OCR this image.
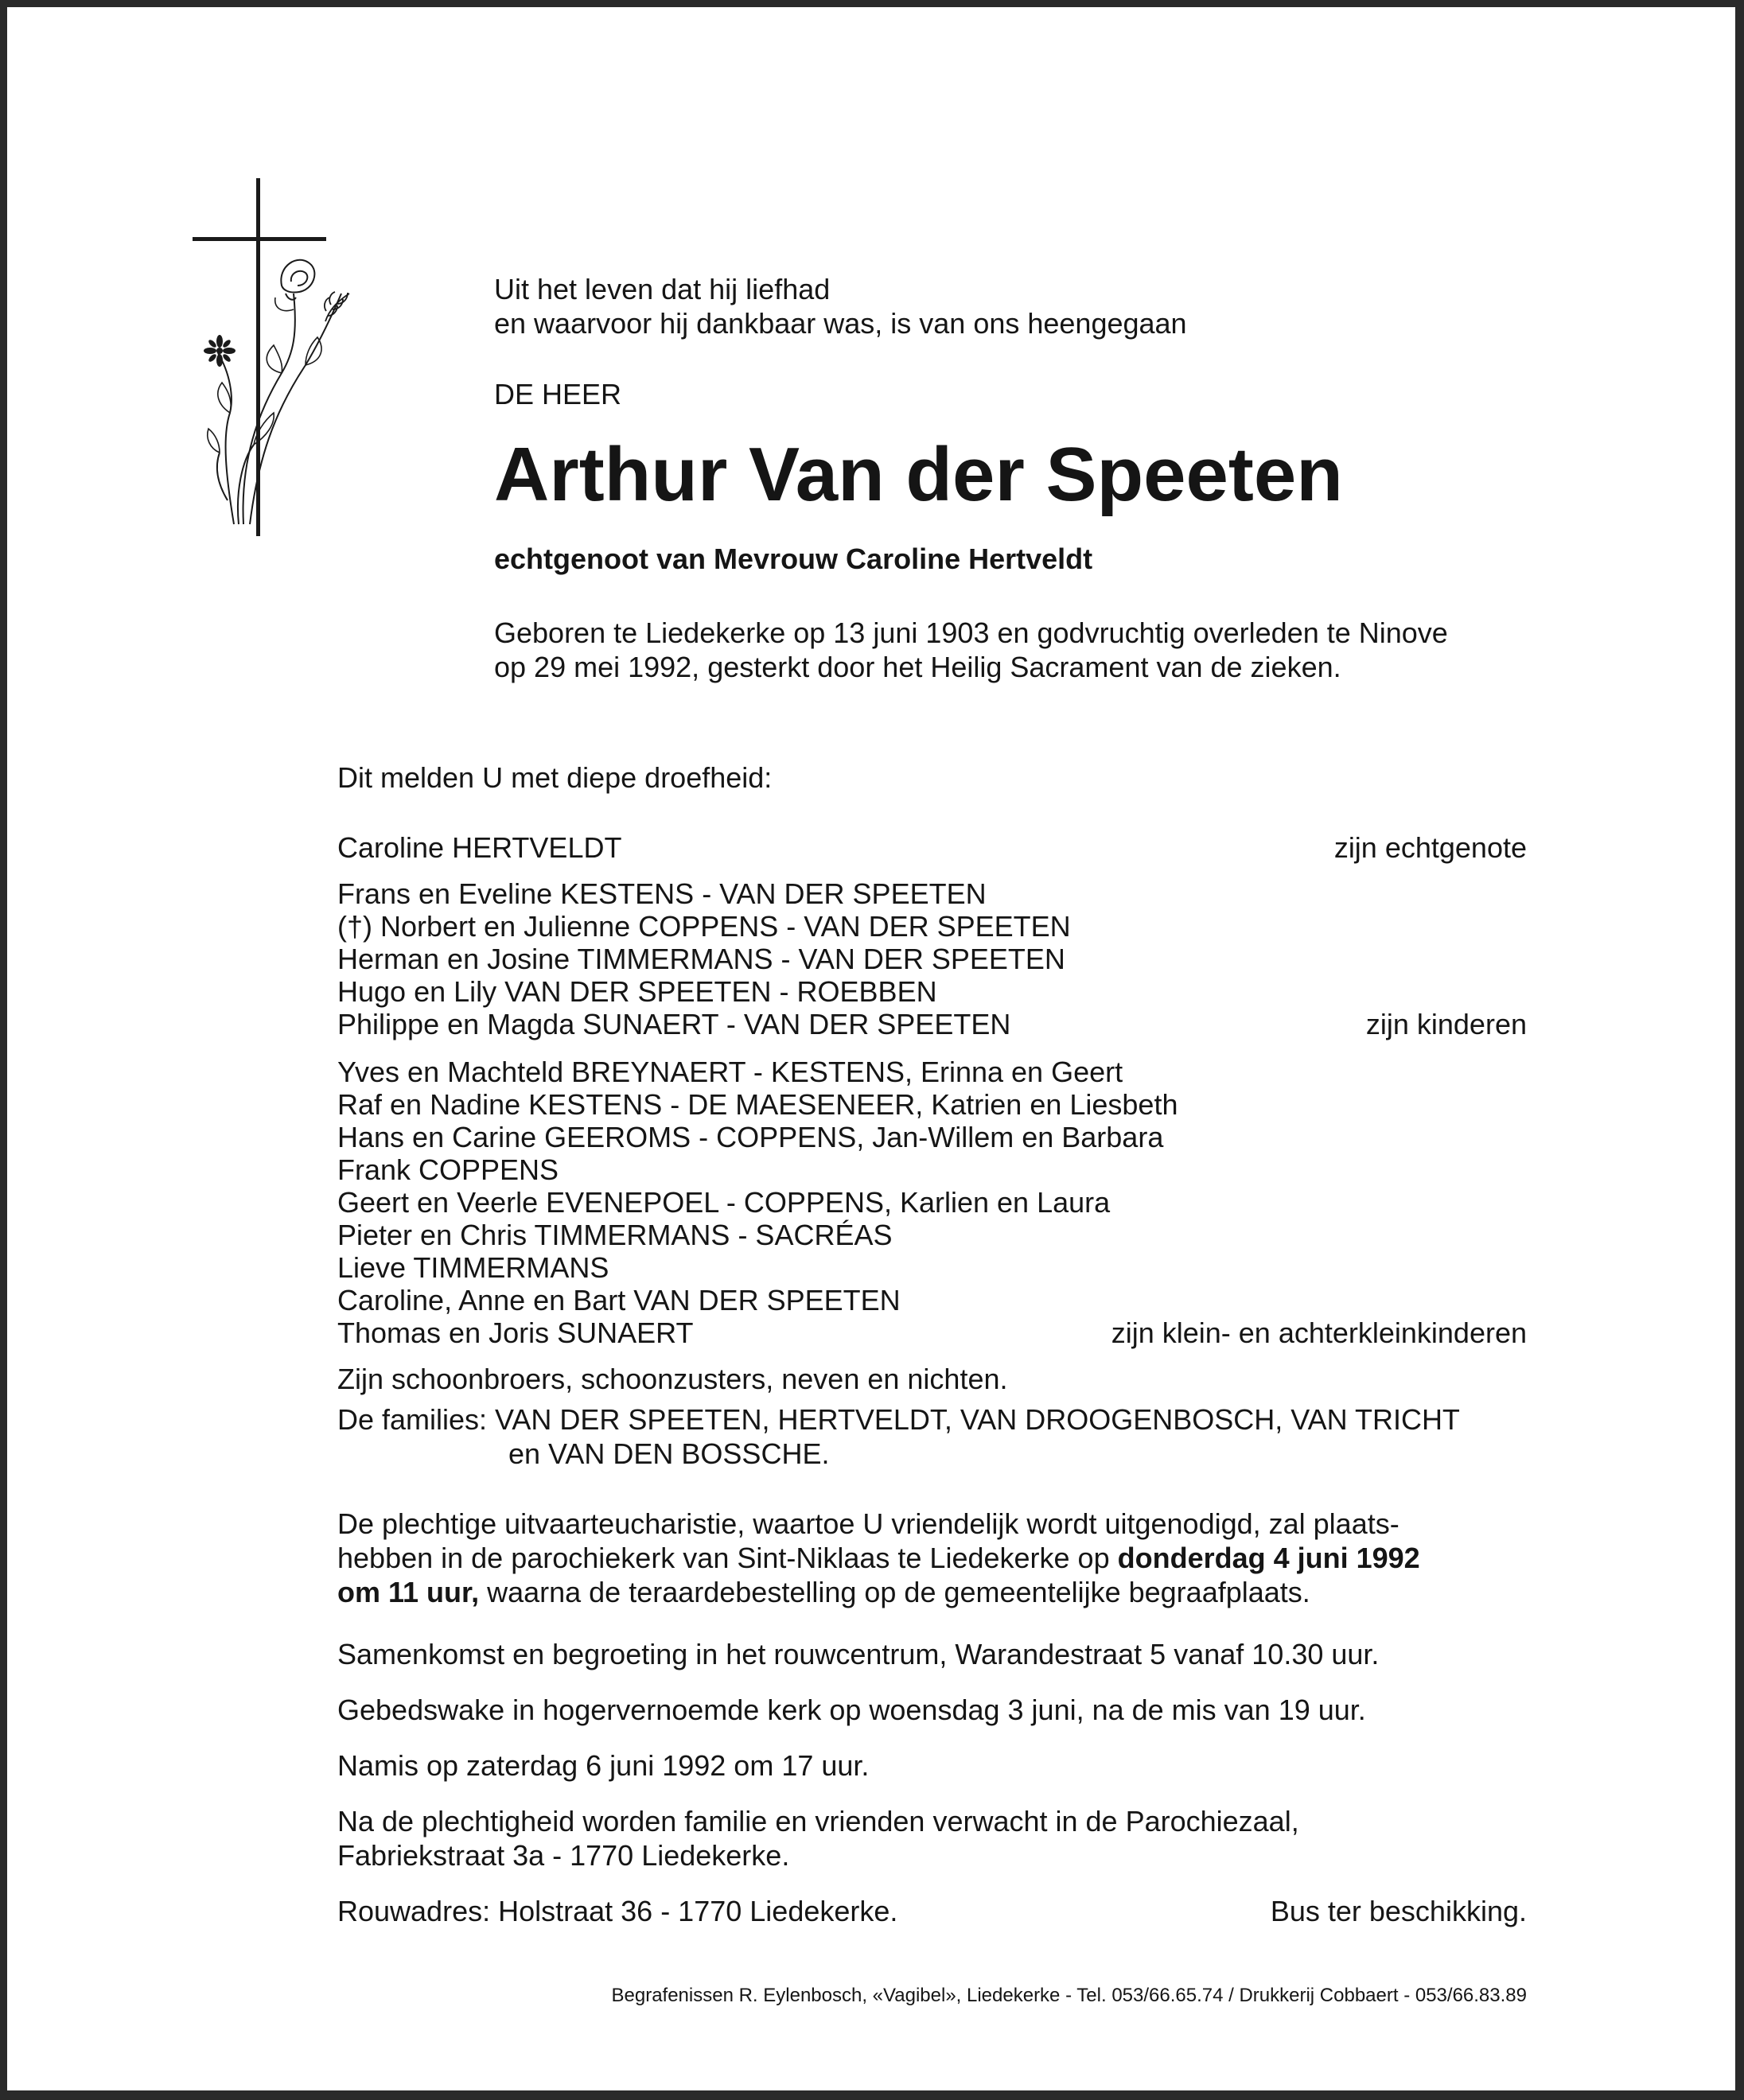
Uit het leven dat hij liefhad

en waarvoor hij dankbaar was, is van ons heengegaan

DE HEER

Arthur Van der Speeten

echtgenoot van Mevrouw Caroline Hertveldt

Geboren te Liedekerke op 13 juni 1903 en godvruchtig overleden te Ninove

op 29 mei 1992, gesterkt door het Heilig Sacrament van de zieken.

Dit melden U met diepe droefheid:

Caroline HERTVELDT	zijn echtgenote

Frans en Eveline KESTENS - VAN DER SPEETEN

(†) Norbert en Julienne COPPENS - VAN DER SPEETEN

Herman en Josine TIMMERMANS - VAN DER SPEETEN

Hugo en Lily VAN DER SPEETEN - ROEBBEN

Philippe en Magda SUNAERT - VAN DER SPEETEN	zijn kinderen

Yves en Machteld BREYNAERT - KESTENS, Erinna en Geert

Raf en Nadine KESTENS - DE MAESENEER, Katrien en Liesbeth

Hans en Carine GEEROMS - COPPENS, Jan-Willem en Barbara

Frank COPPENS

Geert en Veerle EVENEPOEL - COPPENS, Karlien en Laura

Pieter en Chris TIMMERMANS - SACRÉAS

Lieve TIMMERMANS

Caroline, Anne en Bart VAN DER SPEETEN

Thomas en Joris SUNAERT	zijn klein- en achterkleinkinderen

Zijn schoonbroers, schoonzusters, neven en nichten.

De families: VAN DER SPEETEN, HERTVELDT, VAN DROOGENBOSCH, VAN TRICHT

en VAN DEN BOSSCHE.

De plechtige uitvaarteucharistie, waartoe U vriendelijk wordt uitgenodigd, zal plaats-

hebben in de parochiekerk van Sint-Niklaas te Liedekerke op donderdag 4 juni 1992

om 11 uur, waarna de teraardebestelling op de gemeentelijke begraafplaats.

Samenkomst en begroeting in het rouwcentrum, Warandestraat 5 vanaf 10.30 uur.

Gebedswake in hogervernoemde kerk op woensdag 3 juni, na de mis van 19 uur.

Namis op zaterdag 6 juni 1992 om 17 uur.

Na de plechtigheid worden familie en vrienden verwacht in de Parochiezaal,

Fabriekstraat 3a - 1770 Liedekerke.

Rouwadres: Holstraat 36 - 1770 Liedekerke.	Bus ter beschikking.

Begrafenissen R. Eylenbosch, «Vagibel», Liedekerke - Tel. 053/66.65.74 / Drukkerij Cobbaert - 053/66.83.89
